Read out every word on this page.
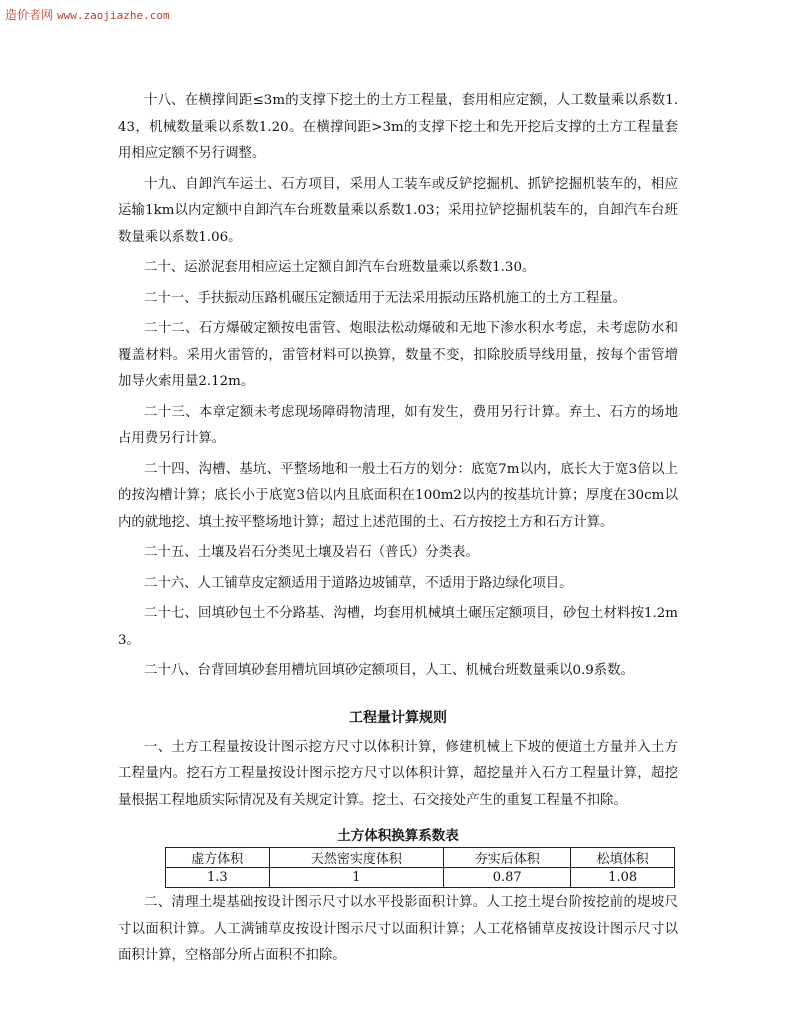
造价者网 www.zaojiazhe.com

十八、在横撑间距≤3m的支撑下挖土的土方工程量，套用相应定额，人工数量乘以系数1.43，机械数量乘以系数1.20。在横撑间距>3m的支撑下挖土和先开挖后支撑的土方工程量套用相应定额不另行调整。

十九、自卸汽车运土、石方项目，采用人工装车或反铲挖掘机、抓铲挖掘机装车的，相应运输1km以内定额中自卸汽车台班数量乘以系数1.03；采用拉铲挖掘机装车的，自卸汽车台班数量乘以系数1.06。

二十、运淤泥套用相应运土定额自卸汽车台班数量乘以系数1.30。

二十一、手扶振动压路机碾压定额适用于无法采用振动压路机施工的土方工程量。

二十二、石方爆破定额按电雷管、炮眼法松动爆破和无地下渗水积水考虑，未考虑防水和覆盖材料。采用火雷管的，雷管材料可以换算，数量不变，扣除胶质导线用量，按每个雷管增加导火索用量2.12m。

二十三、本章定额未考虑现场障碍物清理，如有发生，费用另行计算。弃土、石方的场地占用费另行计算。

二十四、沟槽、基坑、平整场地和一般土石方的划分：底宽7m以内，底长大于宽3倍以上的按沟槽计算；底长小于底宽3倍以内且底面积在100m2以内的按基坑计算；厚度在30cm以内的就地挖、填土按平整场地计算；超过上述范围的土、石方按挖土方和石方计算。

二十五、土壤及岩石分类见土壤及岩石（普氏）分类表。

二十六、人工铺草皮定额适用于道路边坡铺草，不适用于路边绿化项目。

二十七、回填砂包土不分路基、沟槽，均套用机械填土碾压定额项目，砂包土材料按1.2m3。

二十八、台背回填砂套用槽坑回填砂定额项目，人工、机械台班数量乘以0.9系数。

工程量计算规则

一、土方工程量按设计图示挖方尺寸以体积计算，修建机械上下坡的便道土方量并入土方工程量内。挖石方工程量按设计图示挖方尺寸以体积计算，超挖量并入石方工程量计算，超挖量根据工程地质实际情况及有关规定计算。挖土、石交接处产生的重复工程量不扣除。

土方体积换算系数表
虚方体积	天然密实度体积	夯实后体积	松填体积
1.3	1	0.87	1.08

二、清理土堤基础按设计图示尺寸以水平投影面积计算。人工挖土堤台阶按挖前的堤坡尺寸以面积计算。人工满铺草皮按设计图示尺寸以面积计算；人工花格铺草皮按设计图示尺寸以面积计算，空格部分所占面积不扣除。
